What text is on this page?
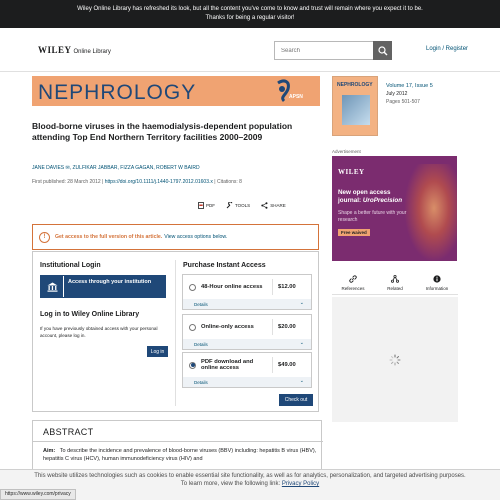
Wiley Online Library has refreshed its look, but all the content you've come to know and trust will remain where you expect it to be.
Thanks for being a regular visitor!
WILEY Online Library
Search	Login / Register
NEPHROLOGY	APSN
Blood-borne viruses in the haemodialysis-dependent population attending Top End Northern Territory facilities 2000–2009
JANE DAVIES ✉, ZULFIKAR JABBAR, FIZZA GAGAN, ROBERT W BAIRD
First published: 28 March 2012 | https://doi.org/10.1111/j.1440-1797.2012.01603.x | Citations: 8
PDF	TOOLS	SHARE
!	Get access to the full version of this article. View access options below.
Institutional Login
Access through your institution
Log in to Wiley Online Library
If you have previously obtained access with your personal account, please log in.
Log in
Purchase Instant Access
48-Hour online access	$12.00
Details	⌄
Online-only access	$20.00
Details	⌄
PDF download and online access	$49.00
Details	⌄
Check out
ABSTRACT
Aim: To describe the incidence and prevalence of blood-borne viruses (BBV) including: hepatitis B virus (HBV), hepatitis C virus (HCV), human immunodeficiency virus (HIV) and
NEPHROLOGY Volume 17, Issue 5
July 2012
Pages 501-507
Advertisement
WILEY
New open access journal: UroPrecision
Shape a better future with your research
Free waived
References	Related	Information
This website utilizes technologies such as cookies to enable essential site functionality, as well as for analytics, personalization, and targeted advertising purposes.
To learn more, view the following link: Privacy Policy
https://www.wiley.com/privacy
